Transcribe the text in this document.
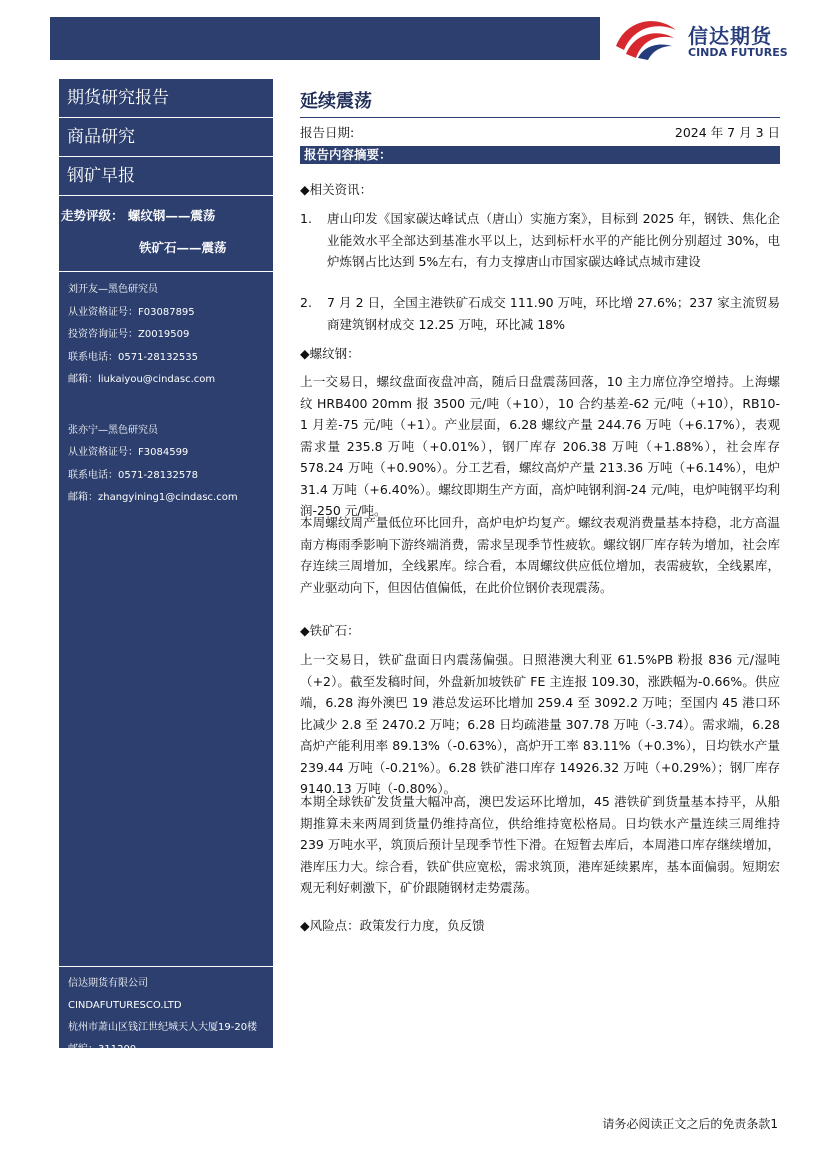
信达期货
CINDA FUTURES
期货研究报告
商品研究
钢矿早报
走势评级： 螺纹钢——震荡
铁矿石——震荡
刘开友—黑色研究员
从业资格证号：F03087895
投资咨询证号：Z0019509
联系电话：0571-28132535
邮箱：liukaiyou@cindasc.com
张亦宁—黑色研究员
从业资格证号：F3084599
联系电话：0571-28132578
邮箱：zhangyining1@cindasc.com
信达期货有限公司
CINDAFUTURESCO.LTD
杭州市萧山区钱江世纪城天人大厦19-20楼
邮编：311200
延续震荡
报告日期:	2024 年 7 月 3 日
报告内容摘要：
◆相关资讯：
1. 唐山印发《国家碳达峰试点（唐山）实施方案》，目标到 2025 年，钢铁、焦化企业能效水平全部达到基准水平以上，达到标杆水平的产能比例分别超过 30%，电炉炼钢占比达到 5%左右，有力支撑唐山市国家碳达峰试点城市建设
2. 7 月 2 日，全国主港铁矿石成交 111.90 万吨，环比增 27.6%；237 家主流贸易商建筑钢材成交 12.25 万吨，环比减 18%
◆螺纹钢：
上一交易日，螺纹盘面夜盘冲高，随后日盘震荡回落，10 主力席位净空增持。上海螺纹 HRB400 20mm 报 3500 元/吨（+10），10 合约基差-62 元/吨（+10），RB10-1 月差-75 元/吨（+1）。产业层面，6.28 螺纹产量 244.76 万吨（+6.17%），表观需求量 235.8 万吨（+0.01%），钢厂库存 206.38 万吨（+1.88%），社会库存 578.24 万吨（+0.90%）。分工艺看，螺纹高炉产量 213.36 万吨（+6.14%），电炉 31.4 万吨（+6.40%）。螺纹即期生产方面，高炉吨钢利润-24 元/吨，电炉吨钢平均利润-250 元/吨。
本周螺纹周产量低位环比回升，高炉电炉均复产。螺纹表观消费量基本持稳，北方高温南方梅雨季影响下游终端消费，需求呈现季节性疲软。螺纹钢厂库存转为增加，社会库存连续三周增加，全线累库。综合看，本周螺纹供应低位增加，表需疲软，全线累库，产业驱动向下，但因估值偏低，在此价位钢价表现震荡。
◆铁矿石：
上一交易日，铁矿盘面日内震荡偏强。日照港澳大利亚 61.5%PB 粉报 836 元/湿吨（+2）。截至发稿时间，外盘新加坡铁矿 FE 主连报 109.30，涨跌幅为-0.66%。供应端，6.28 海外澳巴 19 港总发运环比增加 259.4 至 3092.2 万吨；至国内 45 港口环比减少 2.8 至 2470.2 万吨；6.28 日均疏港量 307.78 万吨（-3.74）。需求端，6.28 高炉产能利用率 89.13%（-0.63%），高炉开工率 83.11%（+0.3%），日均铁水产量 239.44 万吨（-0.21%）。6.28 铁矿港口库存 14926.32 万吨（+0.29%）；钢厂库存 9140.13 万吨（-0.80%）。
本期全球铁矿发货量大幅冲高，澳巴发运环比增加，45 港铁矿到货量基本持平，从船期推算未来两周到货量仍维持高位，供给维持宽松格局。日均铁水产量连续三周维持 239 万吨水平，筑顶后预计呈现季节性下滑。在短暂去库后，本周港口库存继续增加，港库压力大。综合看，铁矿供应宽松，需求筑顶，港库延续累库，基本面偏弱。短期宏观无利好刺激下，矿价跟随钢材走势震荡。
◆风险点：政策发行力度，负反馈
请务必阅读正文之后的免责条款1
